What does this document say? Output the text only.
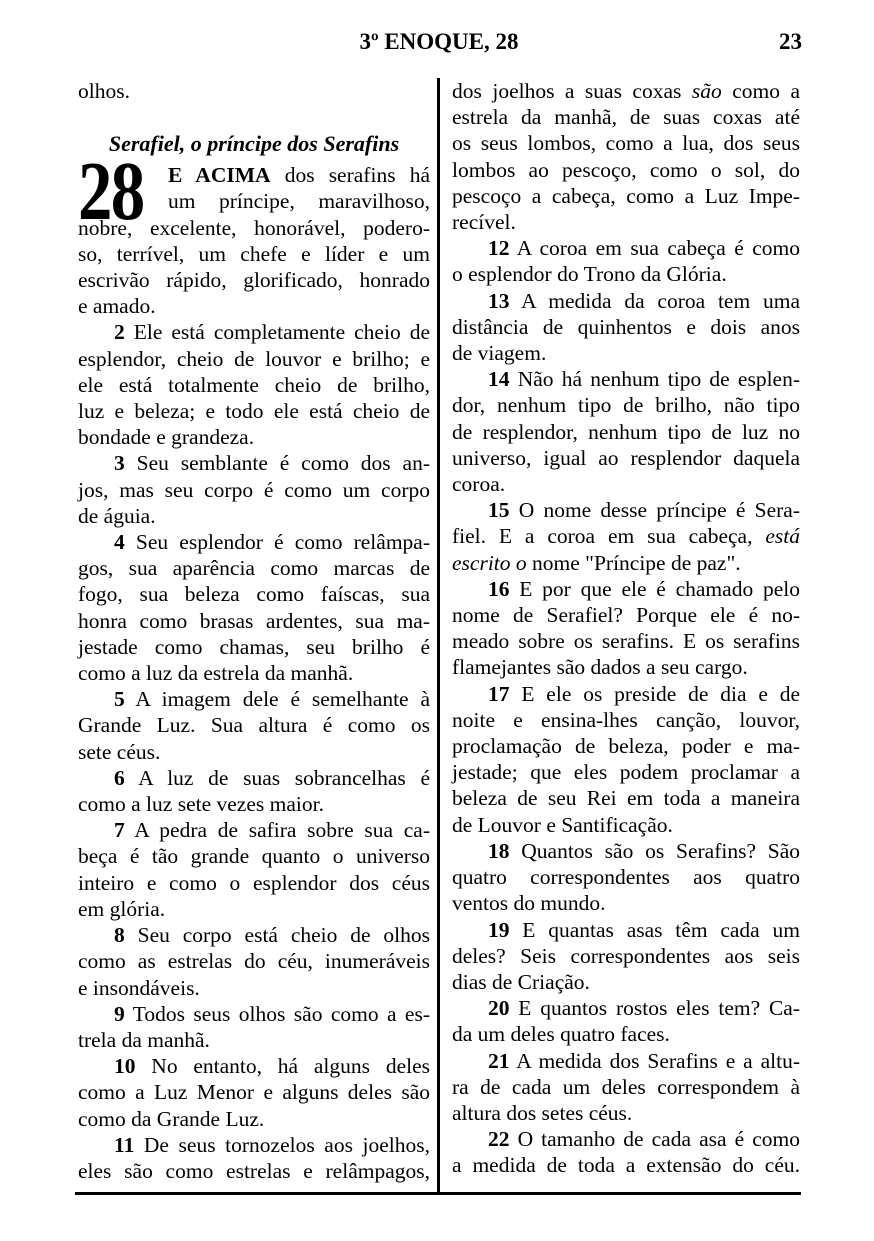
3º ENOQUE, 28	23
olhos.
Serafiel, o príncipe dos Serafins
28	E ACIMA dos serafins há
um príncipe, maravilhoso,
nobre, excelente, honorável, podero-
so, terrível, um chefe e líder e um
escrivão rápido, glorificado, honrado
e amado.
2 Ele está completamente cheio de
esplendor, cheio de louvor e brilho; e
ele está totalmente cheio de brilho,
luz e beleza; e todo ele está cheio de
bondade e grandeza.
3 Seu semblante é como dos an-
jos, mas seu corpo é como um corpo
de águia.
4 Seu esplendor é como relâmpa-
gos, sua aparência como marcas de
fogo, sua beleza como faíscas, sua
honra como brasas ardentes, sua ma-
jestade como chamas, seu brilho é
como a luz da estrela da manhã.
5 A imagem dele é semelhante à
Grande Luz. Sua altura é como os
sete céus.
6 A luz de suas sobrancelhas é
como a luz sete vezes maior.
7 A pedra de safira sobre sua ca-
beça é tão grande quanto o universo
inteiro e como o esplendor dos céus
em glória.
8 Seu corpo está cheio de olhos
como as estrelas do céu, inumeráveis
e insondáveis.
9 Todos seus olhos são como a es-
trela da manhã.
10 No entanto, há alguns deles
como a Luz Menor e alguns deles são
como da Grande Luz.
11 De seus tornozelos aos joelhos,
eles são como estrelas e relâmpagos,
dos joelhos a suas coxas são como a
estrela da manhã, de suas coxas até
os seus lombos, como a lua, dos seus
lombos ao pescoço, como o sol, do
pescoço a cabeça, como a Luz Impe-
recível.
12 A coroa em sua cabeça é como
o esplendor do Trono da Glória.
13 A medida da coroa tem uma
distância de quinhentos e dois anos
de viagem.
14 Não há nenhum tipo de esplen-
dor, nenhum tipo de brilho, não tipo
de resplendor, nenhum tipo de luz no
universo, igual ao resplendor daquela
coroa.
15 O nome desse príncipe é Sera-
fiel. E a coroa em sua cabeça, está
escrito o nome "Príncipe de paz".
16 E por que ele é chamado pelo
nome de Serafiel? Porque ele é no-
meado sobre os serafins. E os serafins
flamejantes são dados a seu cargo.
17 E ele os preside de dia e de
noite e ensina-lhes canção, louvor,
proclamação de beleza, poder e ma-
jestade; que eles podem proclamar a
beleza de seu Rei em toda a maneira
de Louvor e Santificação.
18 Quantos são os Serafins? São
quatro correspondentes aos quatro
ventos do mundo.
19 E quantas asas têm cada um
deles? Seis correspondentes aos seis
dias de Criação.
20 E quantos rostos eles tem? Ca-
da um deles quatro faces.
21 A medida dos Serafins e a altu-
ra de cada um deles correspondem à
altura dos setes céus.
22 O tamanho de cada asa é como
a medida de toda a extensão do céu.
